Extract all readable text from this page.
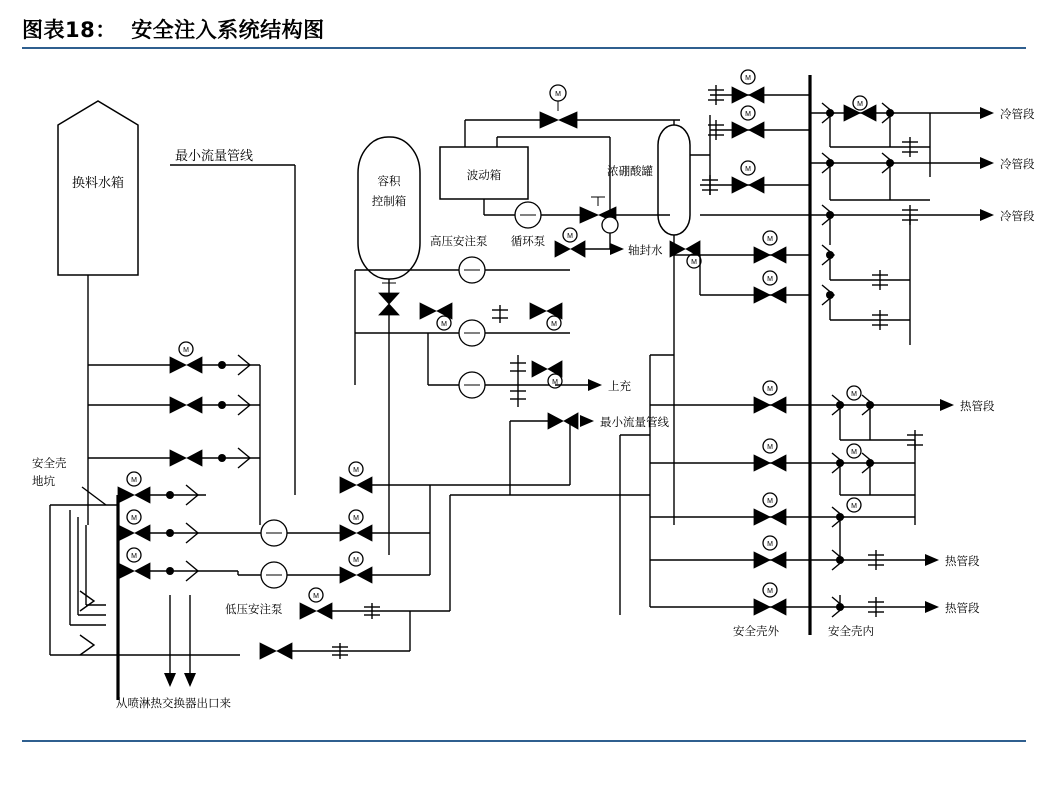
图表18： 安全注入系统结构图
换料水箱
最小流量管线
容积
控制箱
波动箱
M
循环泵
浓硼酸罐
高压安注泵
M	M
M	上充
最小流量管线
M
轴封水
M
M
安全壳
地坑	M
M
M
从喷淋热交换器出口来
低压安注泵
M
M
M
M
M
M
M
M
冷管段
冷管段
冷管段
M
M
M
M
热管段
M
M
M
M
M
热管段
M
热管段
安全壳外	安全壳内
